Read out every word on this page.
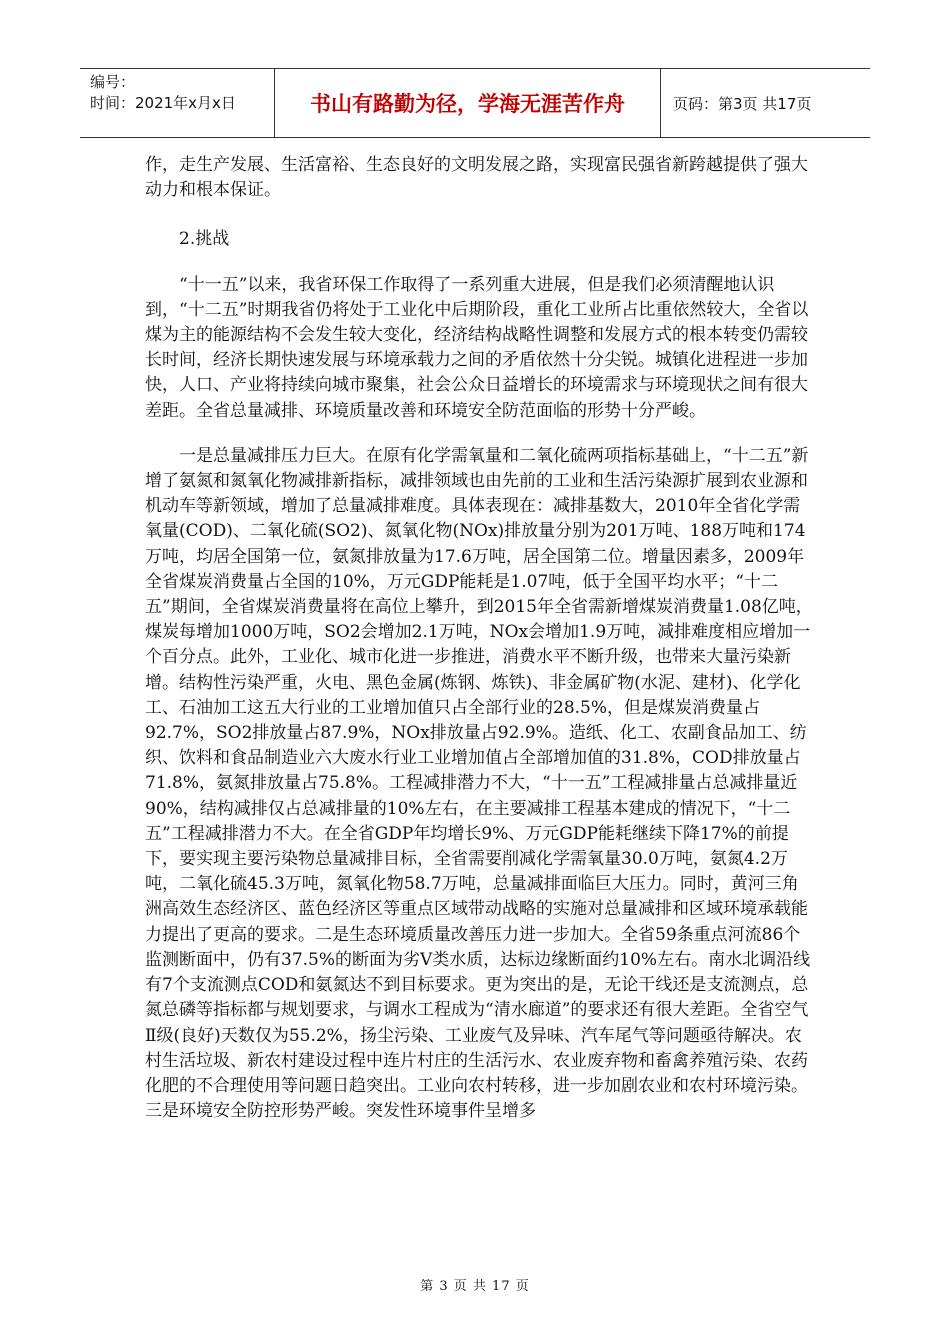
编号：
时间：2021年x月x日	书山有路勤为径，学海无涯苦作舟	页码：第3页 共17页

作，走生产发展、生活富裕、生态良好的文明发展之路，实现富民强省新跨越提供了强大动力和根本保证。

2.挑战

“十一五”以来，我省环保工作取得了一系列重大进展，但是我们必须清醒地认识到，“十二五”时期我省仍将处于工业化中后期阶段，重化工业所占比重依然较大，全省以煤为主的能源结构不会发生较大变化，经济结构战略性调整和发展方式的根本转变仍需较长时间，经济长期快速发展与环境承载力之间的矛盾依然十分尖锐。城镇化进程进一步加快，人口、产业将持续向城市聚集，社会公众日益增长的环境需求与环境现状之间有很大差距。全省总量减排、环境质量改善和环境安全防范面临的形势十分严峻。

一是总量减排压力巨大。在原有化学需氧量和二氧化硫两项指标基础上，“十二五”新增了氨氮和氮氧化物减排新指标，减排领域也由先前的工业和生活污染源扩展到农业源和机动车等新领域，增加了总量减排难度。具体表现在：减排基数大，2010年全省化学需氧量(COD)、二氧化硫(SO2)、氮氧化物(NOx)排放量分别为201万吨、188万吨和174万吨，均居全国第一位，氨氮排放量为17.6万吨，居全国第二位。增量因素多，2009年全省煤炭消费量占全国的10%，万元GDP能耗是1.07吨，低于全国平均水平；“十二五”期间，全省煤炭消费量将在高位上攀升，到2015年全省需新增煤炭消费量1.08亿吨，煤炭每增加1000万吨，SO2会增加2.1万吨，NOx会增加1.9万吨，减排难度相应增加一个百分点。此外，工业化、城市化进一步推进，消费水平不断升级，也带来大量污染新增。结构性污染严重，火电、黑色金属(炼钢、炼铁)、非金属矿物(水泥、建材)、化学化工、石油加工这五大行业的工业增加值只占全部行业的28.5%，但是煤炭消费量占92.7%，SO2排放量占87.9%，NOx排放量占92.9%。造纸、化工、农副食品加工、纺织、饮料和食品制造业六大废水行业工业增加值占全部增加值的31.8%，COD排放量占71.8%，氨氮排放量占75.8%。工程减排潜力不大，“十一五”工程减排量占总减排量近90%，结构减排仅占总减排量的10%左右，在主要减排工程基本建成的情况下，“十二五”工程减排潜力不大。在全省GDP年均增长9%、万元GDP能耗继续下降17%的前提下，要实现主要污染物总量减排目标，全省需要削减化学需氧量30.0万吨，氨氮4.2万吨，二氧化硫45.3万吨，氮氧化物58.7万吨，总量减排面临巨大压力。同时，黄河三角洲高效生态经济区、蓝色经济区等重点区域带动战略的实施对总量减排和区域环境承载能力提出了更高的要求。二是生态环境质量改善压力进一步加大。全省59条重点河流86个监测断面中，仍有37.5%的断面为劣Ⅴ类水质，达标边缘断面约10%左右。南水北调沿线有7个支流测点COD和氨氮达不到目标要求。更为突出的是，无论干线还是支流测点，总氮总磷等指标都与规划要求，与调水工程成为“清水廊道”的要求还有很大差距。全省空气Ⅱ级(良好)天数仅为55.2%，扬尘污染、工业废气及异味、汽车尾气等问题亟待解决。农村生活垃圾、新农村建设过程中连片村庄的生活污水、农业废弃物和畜禽养殖污染、农药化肥的不合理使用等问题日趋突出。工业向农村转移，进一步加剧农业和农村环境污染。三是环境安全防控形势严峻。突发性环境事件呈增多

第 3 页 共 17 页
